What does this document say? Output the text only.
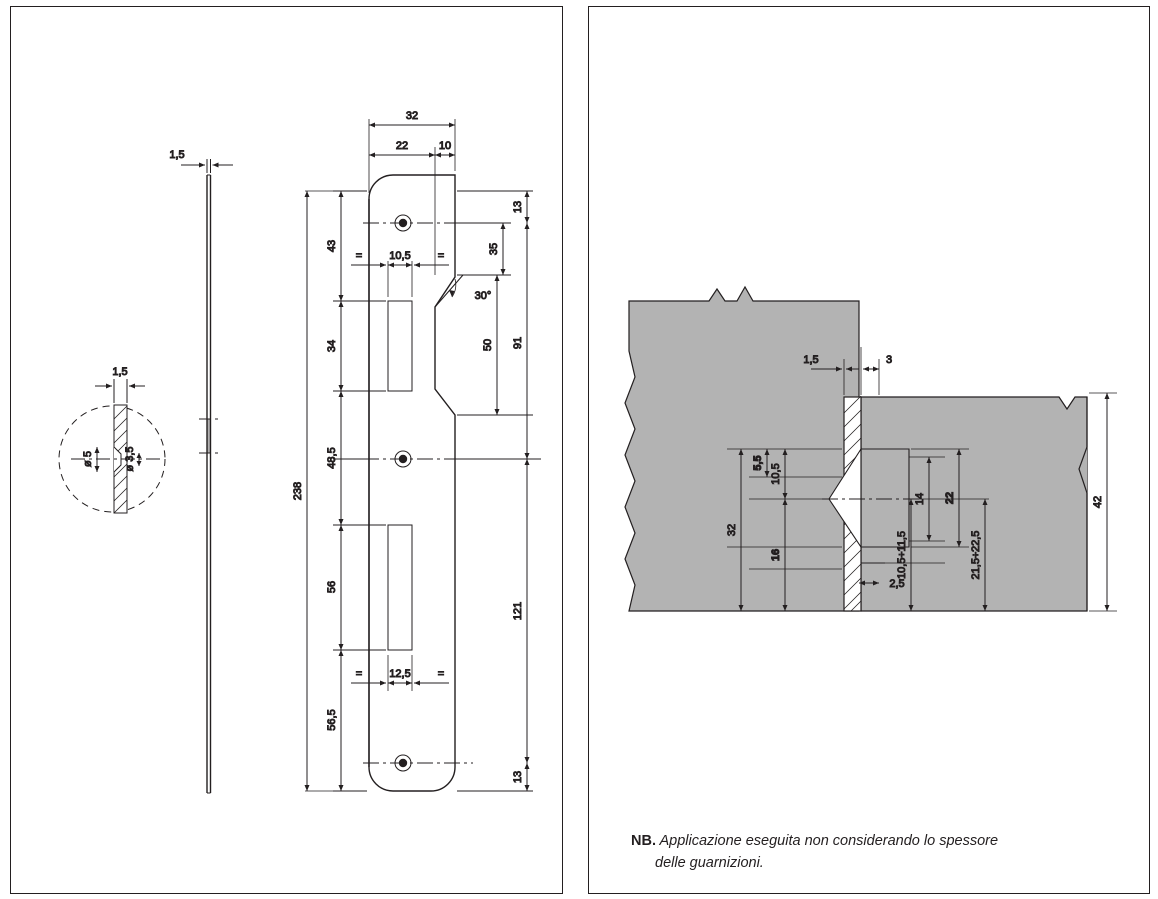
1,5
1,5
ø 5	ø 3,5
32
22	10
10,5
=	=
12,5
=	=
30°
43
34
48,5
56
56,5
238
13
35
50 91
121
13
1,5	3
5,5
10,5
16
32
14 22
2,5
10,5÷11,5	21,5÷22,5
42
NB. Applicazione eseguita non considerando lo spessore
delle guarnizioni.
